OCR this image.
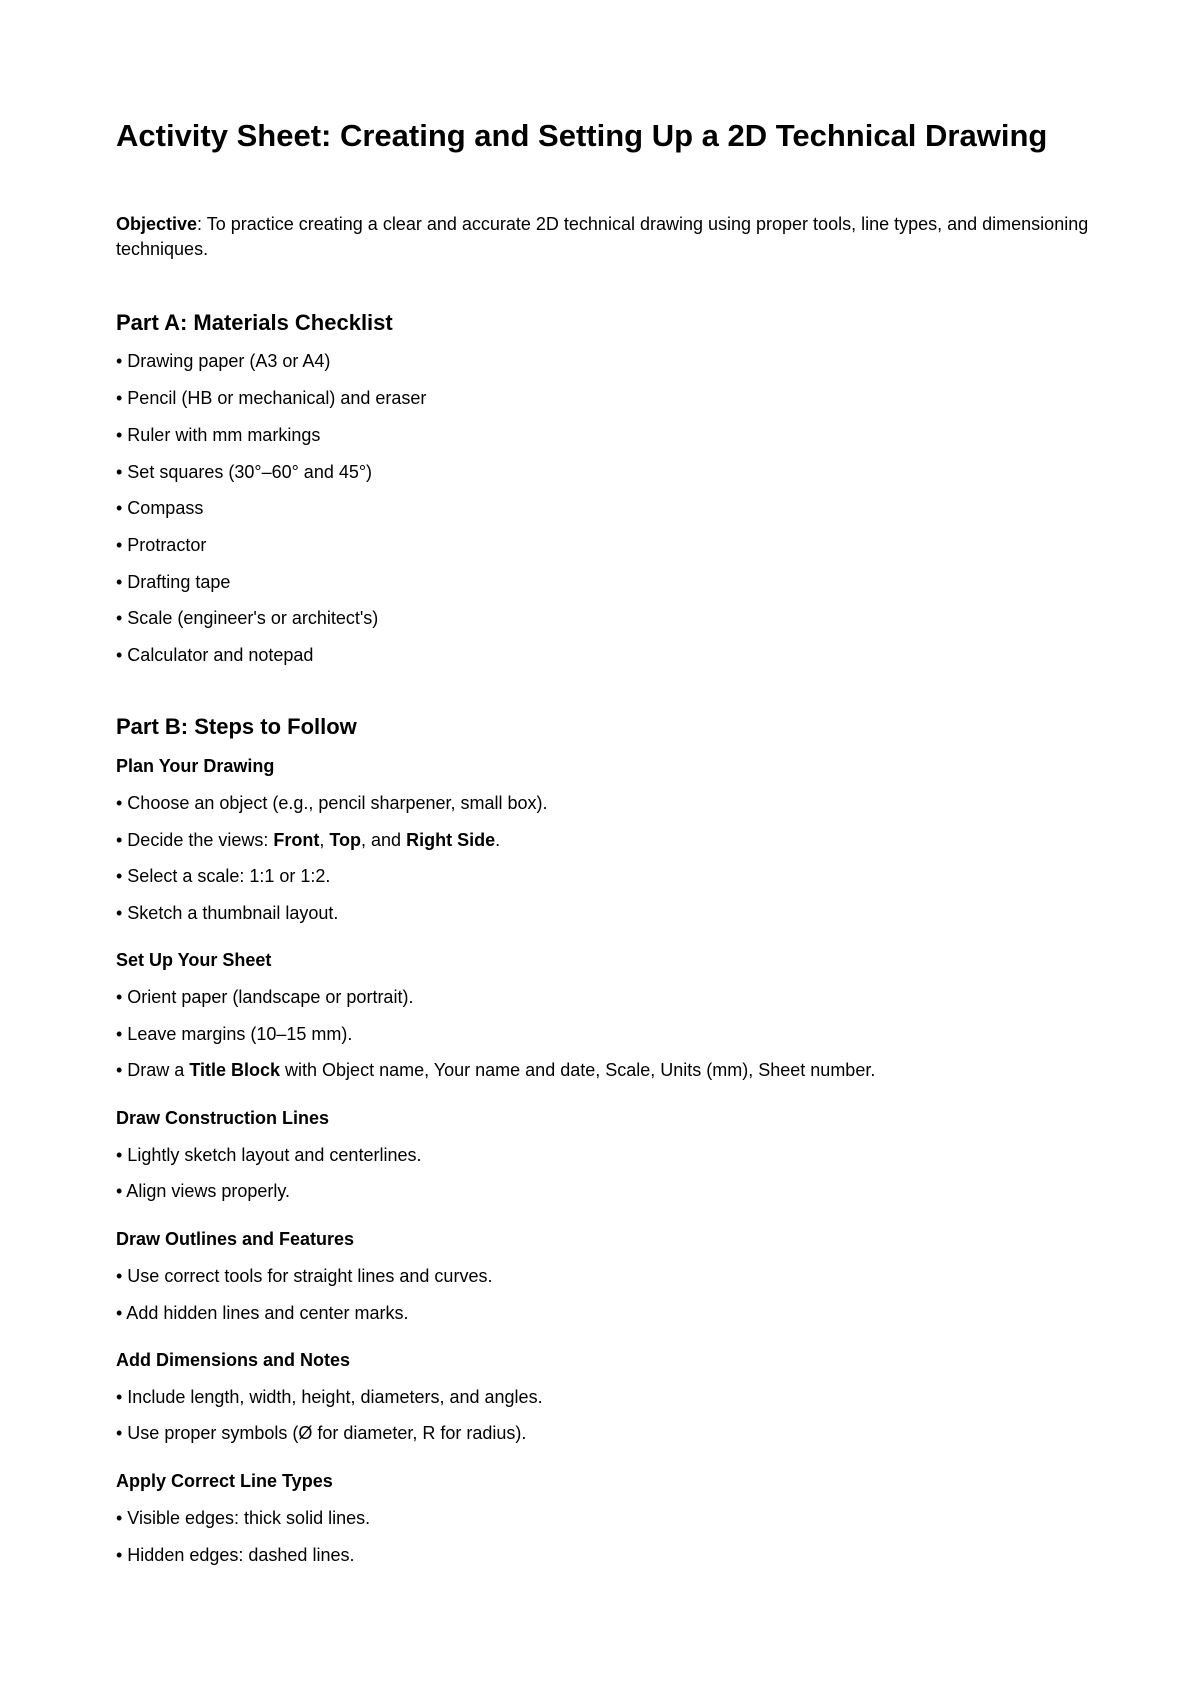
Activity Sheet: Creating and Setting Up a 2D Technical Drawing

Objective: To practice creating a clear and accurate 2D technical drawing using proper tools, line types, and dimensioning techniques.

Part A: Materials Checklist

• Drawing paper (A3 or A4)

• Pencil (HB or mechanical) and eraser

• Ruler with mm markings

• Set squares (30°–60° and 45°)

• Compass

• Protractor

• Drafting tape

• Scale (engineer's or architect's)

• Calculator and notepad

Part B: Steps to Follow
Plan Your Drawing

• Choose an object (e.g., pencil sharpener, small box).

• Decide the views: Front, Top, and Right Side.

• Select a scale: 1:1 or 1:2.

• Sketch a thumbnail layout.

Set Up Your Sheet

• Orient paper (landscape or portrait).

• Leave margins (10–15 mm).

• Draw a Title Block with Object name, Your name and date, Scale, Units (mm), Sheet number.

Draw Construction Lines

• Lightly sketch layout and centerlines.

• Align views properly.

Draw Outlines and Features

• Use correct tools for straight lines and curves.

• Add hidden lines and center marks.

Add Dimensions and Notes

• Include length, width, height, diameters, and angles.

• Use proper symbols (Ø for diameter, R for radius).

Apply Correct Line Types

• Visible edges: thick solid lines.

• Hidden edges: dashed lines.
